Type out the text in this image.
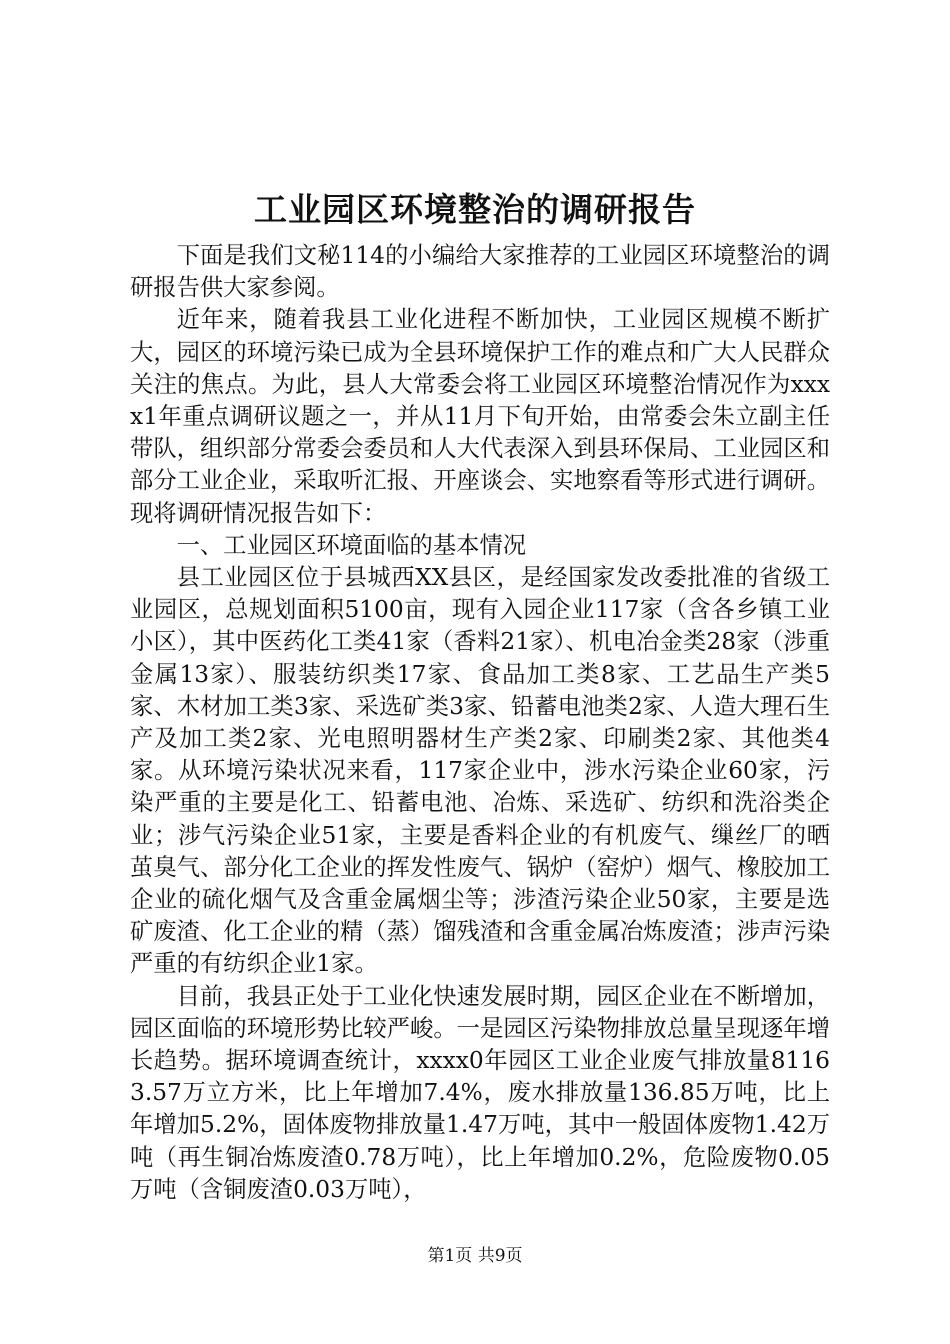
工业园区环境整治的调研报告

下面是我们文秘114的小编给大家推荐的工业园区环境整治的调研报告供大家参阅。

近年来，随着我县工业化进程不断加快，工业园区规模不断扩大，园区的环境污染已成为全县环境保护工作的难点和广大人民群众关注的焦点。为此，县人大常委会将工业园区环境整治情况作为xxxx1年重点调研议题之一，并从11月下旬开始，由常委会朱立副主任带队，组织部分常委会委员和人大代表深入到县环保局、工业园区和部分工业企业，采取听汇报、开座谈会、实地察看等形式进行调研。现将调研情况报告如下：

一、工业园区环境面临的基本情况

县工业园区位于县城西XX县区，是经国家发改委批准的省级工业园区，总规划面积5100亩，现有入园企业117家（含各乡镇工业小区），其中医药化工类41家（香料21家）、机电冶金类28家（涉重金属13家）、服装纺织类17家、食品加工类8家、工艺品生产类5家、木材加工类3家、采选矿类3家、铅蓄电池类2家、人造大理石生产及加工类2家、光电照明器材生产类2家、印刷类2家、其他类4家。从环境污染状况来看，117家企业中，涉水污染企业60家，污染严重的主要是化工、铅蓄电池、冶炼、采选矿、纺织和洗浴类企业；涉气污染企业51家，主要是香料企业的有机废气、缫丝厂的晒茧臭气、部分化工企业的挥发性废气、锅炉（窑炉）烟气、橡胶加工企业的硫化烟气及含重金属烟尘等；涉渣污染企业50家，主要是选矿废渣、化工企业的精（蒸）馏残渣和含重金属冶炼废渣；涉声污染严重的有纺织企业1家。

目前，我县正处于工业化快速发展时期，园区企业在不断增加，园区面临的环境形势比较严峻。一是园区污染物排放总量呈现逐年增长趋势。据环境调查统计，xxxx0年园区工业企业废气排放量81163.57万立方米，比上年增加7.4%，废水排放量136.85万吨，比上年增加5.2%，固体废物排放量1.47万吨，其中一般固体废物1.42万吨（再生铜冶炼废渣0.78万吨），比上年增加0.2%，危险废物0.05万吨（含铜废渣0.03万吨），

第1页 共9页
